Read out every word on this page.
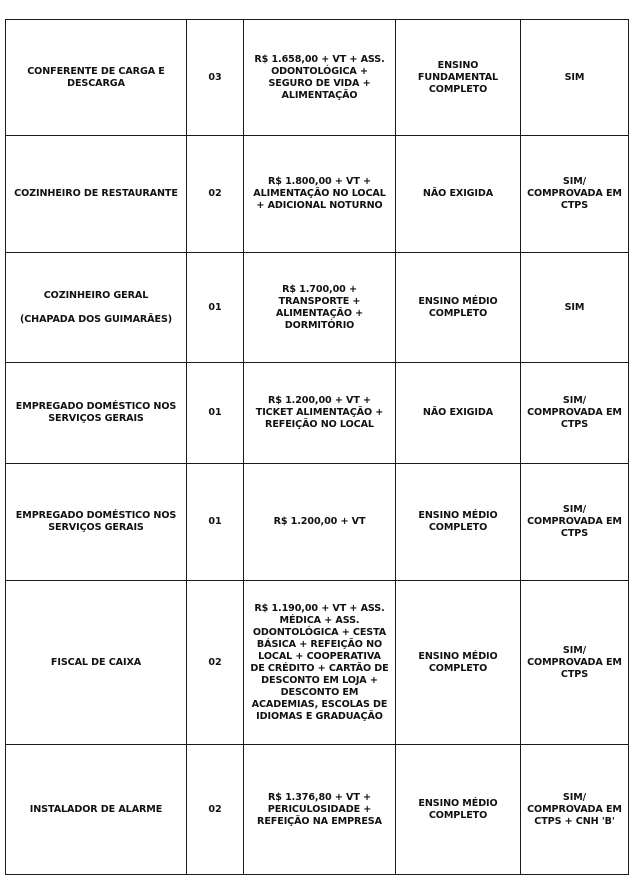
CONFERENTE DE CARGA E DESCARGA	03	R$ 1.658,00 + VT + ASS. ODONTOLÓGICA + SEGURO DE VIDA + ALIMENTAÇÃO	ENSINO FUNDAMENTAL COMPLETO	SIM
COZINHEIRO DE RESTAURANTE	02	R$ 1.800,00 + VT + ALIMENTAÇÃO NO LOCAL + ADICIONAL NOTURNO	NÃO EXIGIDA	SIM/ COMPROVADA EM CTPS
COZINHEIRO GERAL
(CHAPADA DOS GUIMARÃES)	01	R$ 1.700,00 + TRANSPORTE + ALIMENTAÇÃO + DORMITÓRIO	ENSINO MÉDIO COMPLETO	SIM
EMPREGADO DOMÉSTICO NOS SERVIÇOS GERAIS	01	R$ 1.200,00 + VT + TICKET ALIMENTAÇÃO + REFEIÇÃO NO LOCAL	NÃO EXIGIDA	SIM/ COMPROVADA EM CTPS
EMPREGADO DOMÉSTICO NOS SERVIÇOS GERAIS	01	R$ 1.200,00 + VT	ENSINO MÉDIO COMPLETO	SIM/ COMPROVADA EM CTPS
FISCAL DE CAIXA	02	R$ 1.190,00 + VT + ASS. MÉDICA + ASS. ODONTOLÓGICA + CESTA BÁSICA + REFEIÇÃO NO LOCAL + COOPERATIVA DE CRÉDITO + CARTÃO DE DESCONTO EM LOJA + DESCONTO EM ACADEMIAS, ESCOLAS DE IDIOMAS E GRADUAÇÃO	ENSINO MÉDIO COMPLETO	SIM/ COMPROVADA EM CTPS
INSTALADOR DE ALARME	02	R$ 1.376,80 + VT + PERICULOSIDADE + REFEIÇÃO NA EMPRESA	ENSINO MÉDIO COMPLETO	SIM/ COMPROVADA EM CTPS + CNH 'B'
